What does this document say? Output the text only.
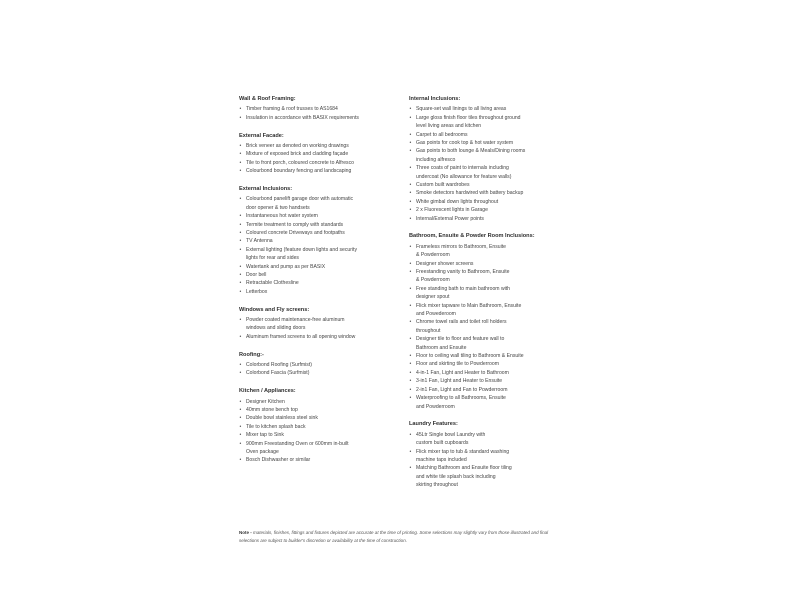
Wall & Roof Framing:
• Timber framing & roof trusses to AS1684
• Insulation in accordance with BASIX requirements
External Facade:
• Brick veneer as denoted on working drawings
• Mixture of exposed brick and cladding façade
• Tile to front porch, coloured concrete to Alfresco
• Colourbond boundary fencing and landscaping
External Inclusions:
• Colourbond panelift garage door with automatic
door opener & two handsets
• Instantaneous hot water system
• Termite treatment to comply with standards
• Coloured concrete Driveways and footpaths
• TV Antenna
• External lighting (feature down lights and security
lights for rear and sides
• Watertank and pump as per BASIX
• Door bell
• Retractable Clothesline
• Letterbox
Windows and Fly screens:
• Powder coated maintenance-free aluminum
windows and sliding doors
• Aluminum framed screens to all opening window
Roofing:-
• Colorbond Roofing (Surfmist)
• Colorbond Fascia (Surfmist)
Kitchen / Appliances:
• Designer Kitchen
• 40mm stone bench top
• Double bowl stainless steel sink
• Tile to kitchen splash back
• Mixer tap to Sink
• 900mm Freestanding Oven or 600mm in-built
Oven package
• Bosch Dishwasher or similar
Internal Inclusions:
• Square-set wall linings to all living areas
• Large gloss finish floor tiles throughout ground
level living areas and kitchen
• Carpet to all bedrooms
• Gas points for cook top & hot water system
• Gas points to both lounge & Meals/Dining rooms
including alfresco
• Three coats of paint to internals including
undercoat (No allowance for feature walls)
• Custom built wardrobes
• Smoke detectors hardwired with battery backup
• White gimbal down lights throughout
• 2 x Fluorescent lights in Garage
• Internal/External Power points
Bathroom, Ensuite & Powder Room Inclusions:
• Frameless mirrors to Bathroom, Ensuite
& Powderroom
• Designer shower screens
• Freestanding vanity to Bathroom, Ensuite
& Powderroom
• Free standing bath to main bathroom with
designer spout
• Flick mixer tapware to Main Bathroom, Ensuite
and Powederoom
• Chrome towel rails and toilet roll holders
throughout
• Designer tile to floor and feature wall to
Bathroom and Ensuite
• Floor to ceiling wall tiling to Bathroom & Ensuite
• Floor and skirting tile to Powderroom
• 4-in-1 Fan, Light and Heater to Bathroom
• 3-in1 Fan, Light and Heater to Ensuite
• 2-in1 Fan, Light and Fan to Powderroom
• Waterproofing to all Bathrooms, Ensuite
and Powderroom
Laundry Features:
• 45Ltr Single bowl Laundry with
custom built cupboards
• Flick mixer tap to tub & standard washing
machine taps included
• Matching Bathroom and Ensuite floor tiling
and white tile splash back including
skirting throughout
Note - materials, finishes, fittings and fixtures depicted are accurate at the time of printing. Some selections may slightly vary from those illustrated and final selections are subject to builder's discretion or availability at the time of construction.
